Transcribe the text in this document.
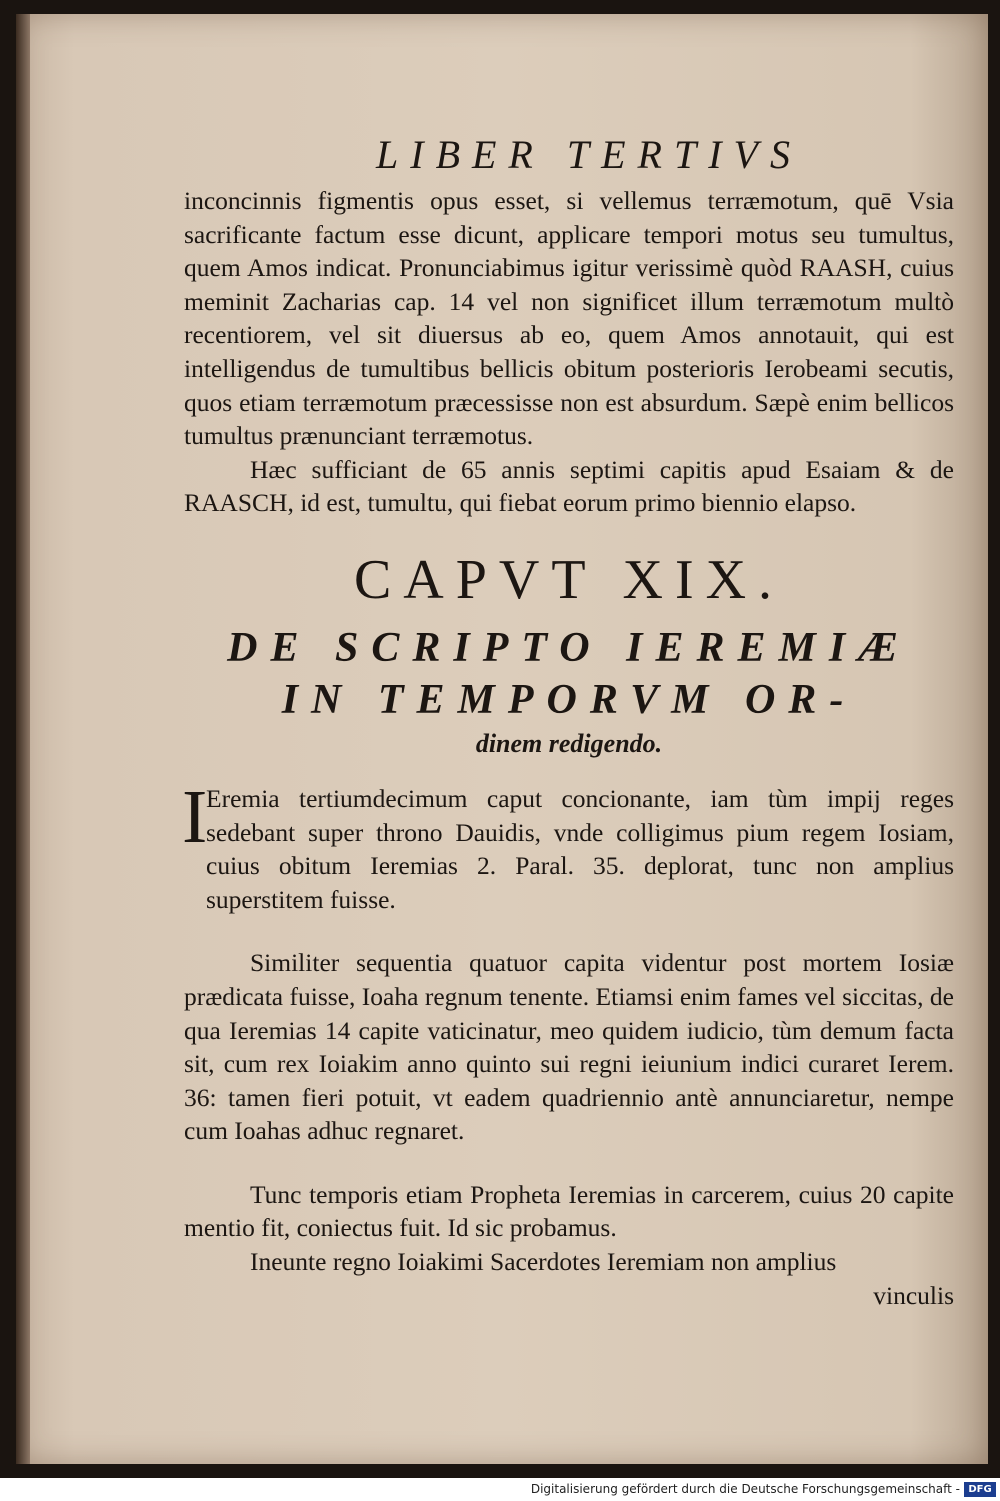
LIBER TERTIVS

inconcinnis figmentis opus esset, si vellemus terræmotum, quē Vsia sacrificante factum esse dicunt, applicare tempori motus seu tumultus, quem Amos indicat. Pronunciabimus igitur verissimè quòd RAASH, cuius meminit Zacharias cap. 14 vel non significet illum terræmotum multò recentiorem, vel sit diuersus ab eo, quem Amos annotauit, qui est intelligendus de tumultibus bellicis obitum posterioris Ierobeami secutis, quos etiam terræmotum præcessisse non est absurdum. Sæpè enim bellicos tumultus prænunciant terræmotus.

Hæc sufficiant de 65 annis septimi capitis apud Esaiam & de RAASCH, id est, tumultu, qui fiebat eorum primo biennio elapso.

CAPVT XIX.
DE SCRIPTO IEREMIÆ
IN TEMPORVM OR-
dinem redigendo.
I

Eremia tertiumdecimum caput concionante, iam tùm impij reges sedebant super throno Dauidis, vnde colligimus pium regem Iosiam, cuius obitum Ieremias 2. Paral. 35. deplorat, tunc non amplius superstitem fuisse.

Similiter sequentia quatuor capita videntur post mortem Iosiæ prædicata fuisse, Ioaha regnum tenente. Etiamsi enim fames vel siccitas, de qua Ieremias 14 capite vaticinatur, meo quidem iudicio, tùm demum facta sit, cum rex Ioiakim anno quinto sui regni ieiunium indici curaret Ierem. 36: tamen fieri potuit, vt eadem quadriennio antè annunciaretur, nempe cum Ioahas adhuc regnaret.

Tunc temporis etiam Propheta Ieremias in carcerem, cuius 20 capite mentio fit, coniectus fuit. Id sic probamus.

Ineunte regno Ioiakimi Sacerdotes Ieremiam non amplius

vinculis

Digitalisierung gefördert durch die Deutsche Forschungsgemeinschaft - DFG
